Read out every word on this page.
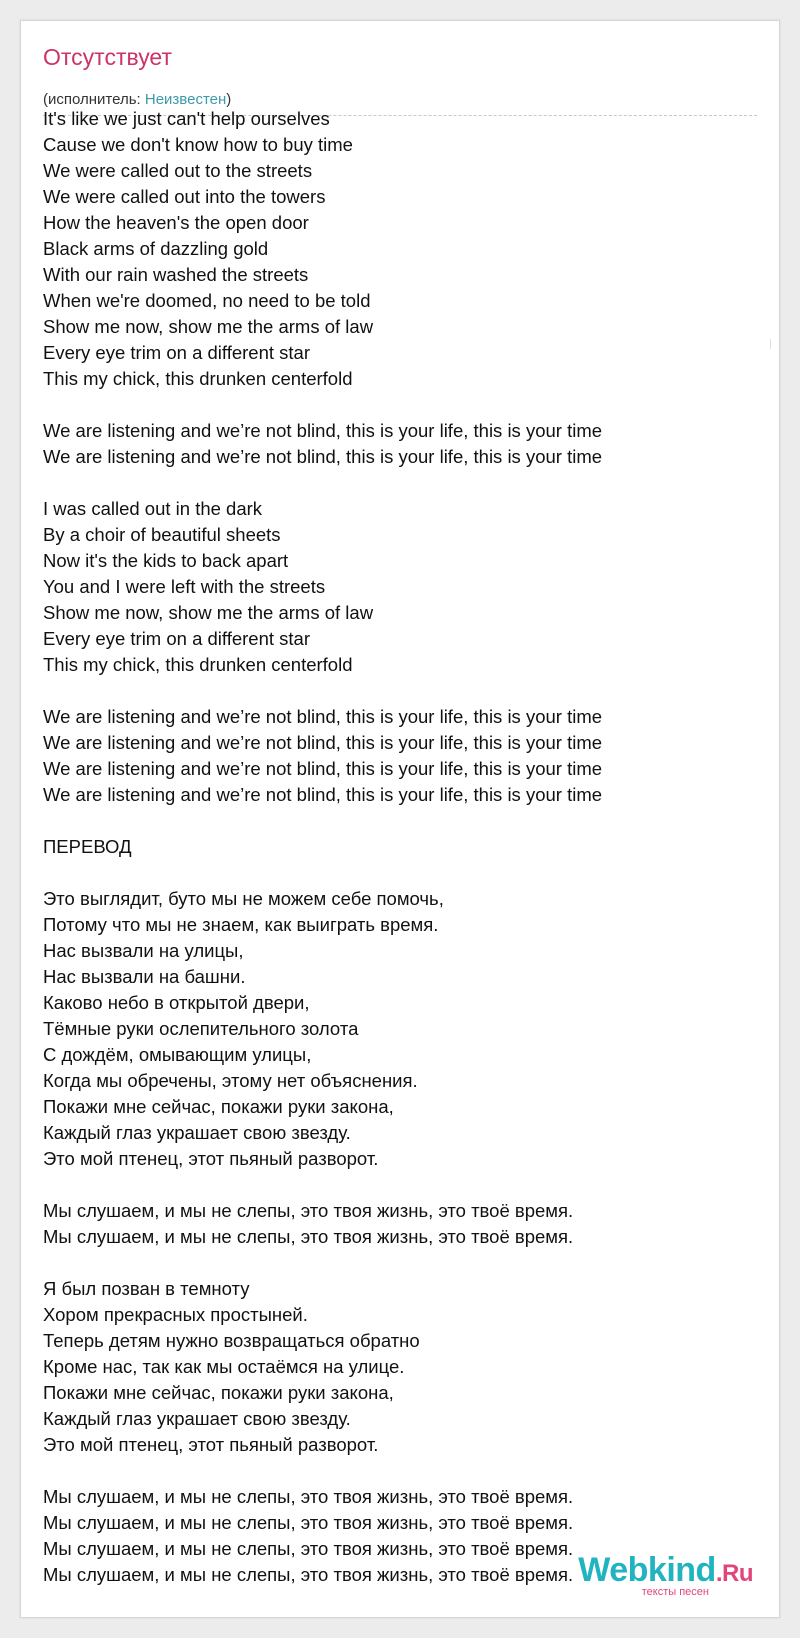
Отсутствует
(исполнитель: Неизвестен)
It's like we just can't help ourselves
Cause we don't know how to buy time
We were called out to the streets
We were called out into the towers
How the heaven's the open door
Black arms of dazzling gold
With our rain washed the streets
When we're doomed, no need to be told
Show me now, show me the arms of law
Every eye trim on a different star
This my chick, this drunken centerfold
We are listening and we’re not blind, this is your life, this is your time
We are listening and we’re not blind, this is your life, this is your time
I was called out in the dark
By a choir of beautiful sheets
Now it's the kids to back apart
You and I were left with the streets
Show me now, show me the arms of law
Every eye trim on a different star
This my chick, this drunken centerfold
We are listening and we’re not blind, this is your life, this is your time
We are listening and we’re not blind, this is your life, this is your time
We are listening and we’re not blind, this is your life, this is your time
We are listening and we’re not blind, this is your life, this is your time
ПЕРЕВОД
Это выглядит, буто мы не можем себе помочь,
Потому что мы не знаем, как выиграть время.
Нас вызвали на улицы,
Нас вызвали на башни.
Каково небо в открытой двери,
Тёмные руки ослепительного золота
С дождём, омывающим улицы,
Когда мы обречены, этому нет объяснения.
Покажи мне сейчас, покажи руки закона,
Каждый глаз украшает свою звезду.
Это мой птенец, этот пьяный разворот.
Мы слушаем, и мы не слепы, это твоя жизнь, это твоё время.
Мы слушаем, и мы не слепы, это твоя жизнь, это твоё время.
Я был позван в темноту
Хором прекрасных простыней.
Теперь детям нужно возвращаться обратно
Кроме нас, так как мы остаёмся на улице.
Покажи мне сейчас, покажи руки закона,
Каждый глаз украшает свою звезду.
Это мой птенец, этот пьяный разворот.
Мы слушаем, и мы не слепы, это твоя жизнь, это твоё время.
Мы слушаем, и мы не слепы, это твоя жизнь, это твоё время.
Мы слушаем, и мы не слепы, это твоя жизнь, это твоё время.
Мы слушаем, и мы не слепы, это твоя жизнь, это твоё время. Webkind.Ru
тексты песен
